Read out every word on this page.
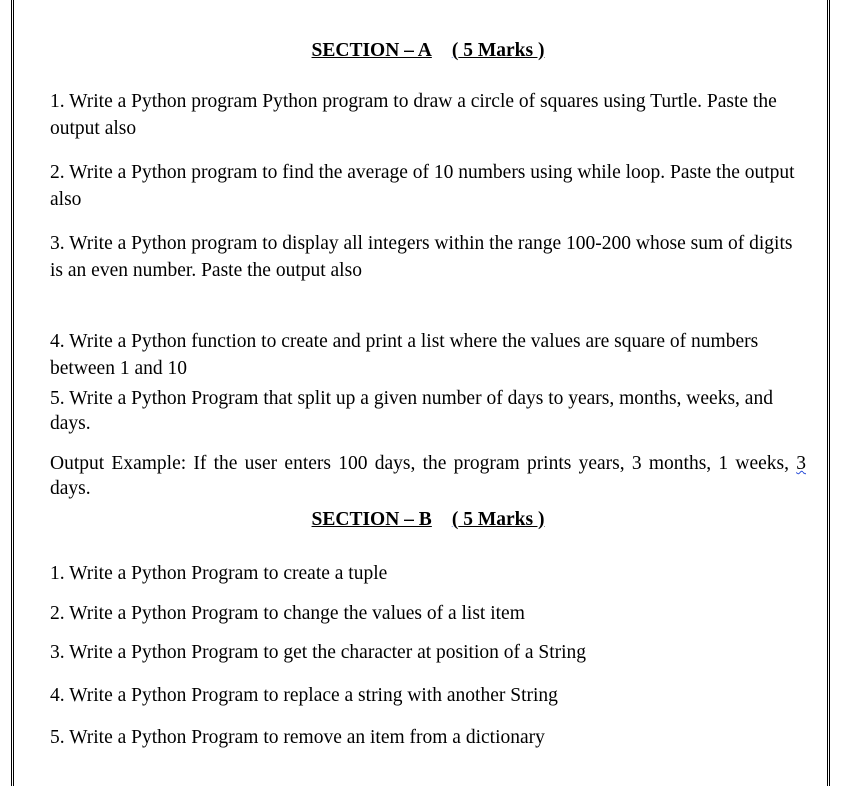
SECTION – A ( 5 Marks )
1. Write a Python program Python program to draw a circle of squares using Turtle. Paste the output also
2. Write a Python program to find the average of 10 numbers using while loop. Paste the output also
3. Write a Python program to display all integers within the range 100-200 whose sum of digits is an even number. Paste the output also
4. Write a Python function to create and print a list where the values are square of numbers between 1 and 10
5. Write a Python Program that split up a given number of days to years, months, weeks, and days.
Output Example: If the user enters 100 days, the program prints years, 3 months, 1 weeks, 3 days.
SECTION – B ( 5 Marks )
1. Write a Python Program to create a tuple
2. Write a Python Program to change the values of a list item
3. Write a Python Program to get the character at position of a String
4. Write a Python Program to replace a string with another String
5. Write a Python Program to remove an item from a dictionary
